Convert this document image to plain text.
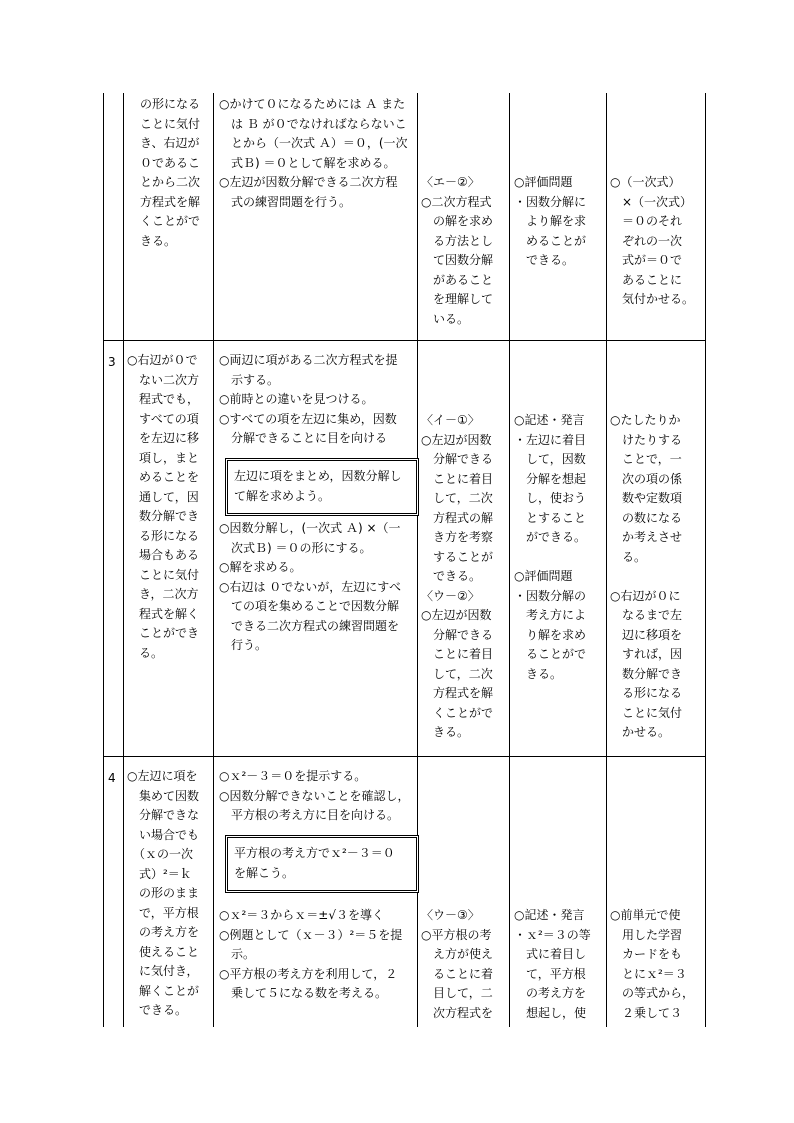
の形になる
ことに気付
き、右辺が
０であるこ
とから二次
方程式を解
くことがで
きる。
○かけて０になるためには Ａ また
　は Ｂ が０でなければならないこ
　とから（一次式 Ａ）＝０，(一次
　式Ｂ) ＝０として解を求める。
○左辺が因数分解できる二次方程
　式の練習問題を行う。
〈エ－②〉
○二次方程式
　の解を求め
　る方法とし
　て因数分解
　があること
　を理解して
　いる。
○評価問題
・因数分解に
　より解を求
　めることが
　できる。
○（一次式）
　×（一次式）
　＝０のそれ
　ぞれの一次
　式が＝０で
　あることに
　気付かせる。
3 ○右辺が０で
　ない二次方
　程式でも，
　すべての項
　を左辺に移
　項し，まと
　めることを
　通して，因
　数分解でき
　る形になる
　場合もある
　ことに気付
　き，二次方
　程式を解く
　ことができ
　る。
○両辺に項がある二次方程式を提
　示する。
○前時との違いを見つける。
○すべての項を左辺に集め，因数
　分解できることに目を向ける
左辺に項をまとめ，因数分解し
て解を求めよう。
○因数分解し，(一次式 Ａ) ×（一
　次式Ｂ) ＝０の形にする。
○解を求める。
○右辺は ０でないが，左辺にすべ
　ての項を集めることで因数分解
　できる二次方程式の練習問題を
　行う。
〈イ－①〉
○左辺が因数
　分解できる
　ことに着目
　して，二次
　方程式の解
　き方を考察
　することが
　できる。
〈ウ－②〉
○左辺が因数
　分解できる
　ことに着目
　して，二次
　方程式を解
　くことがで
　きる。
○記述・発言
・左辺に着目
　して，因数
　分解を想起
　し，使おう
　とすること
　ができる。

○評価問題
・因数分解の
　考え方によ
　り解を求め
　ることがで
　きる。
○たしたりか
　けたりする
　ことで，一
　次の項の係
　数や定数項
　の数になる
　か考えさせ
　る。

○右辺が０に
　なるまで左
　辺に移項を
　すれば，因
　数分解でき
　る形になる
　ことに気付
　かせる。
4 ○左辺に項を
　集めて因数
　分解できな
　い場合でも
　（ｘの一次
　式）²＝ｋ
　の形のまま
　で，平方根
　の考え方を
　使えること
　に気付き，
　解くことが
　できる。
○ｘ²－３＝０を提示する。
○因数分解できないことを確認し，
　平方根の考え方に目を向ける。
平方根の考え方でｘ²－３＝０
を解こう。
○ｘ²＝３からｘ＝±√３を導く
○例題として（ｘ－３）²＝５を提
　示。
○平方根の考え方を利用して，２
　乗して５になる数を考える。
〈ウ－③〉
○平方根の考
　え方が使え
　ることに着
　目して，二
　次方程式を
○記述・発言
・ｘ²＝３の等
　式に着目し
　て，平方根
　の考え方を
　想起し，使
○前単元で使
　用した学習
　カードをも
　とにｘ²＝３
　の等式から，
　２乗して３
